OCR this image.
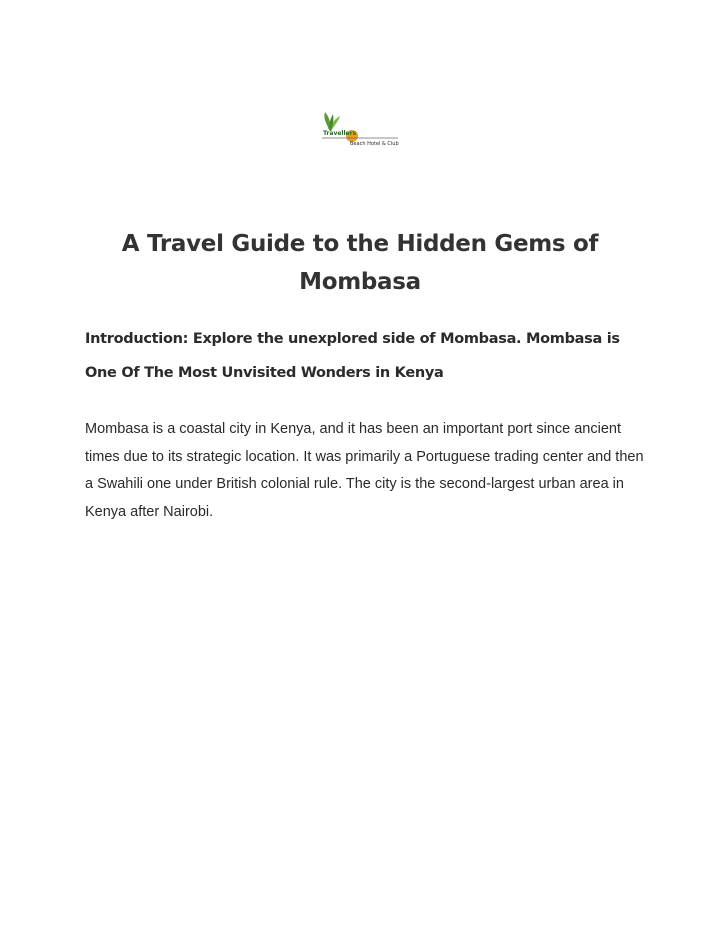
Travellers
Beach Hotel & Club
A Travel Guide to the Hidden Gems of Mombasa
Introduction: Explore the unexplored side of Mombasa. Mombasa is One Of The Most Unvisited Wonders in Kenya

Mombasa is a coastal city in Kenya, and it has been an important port since ancient times due to its strategic location. It was primarily a Portuguese trading center and then a Swahili one under British colonial rule. The city is the second-largest urban area in Kenya after Nairobi.
